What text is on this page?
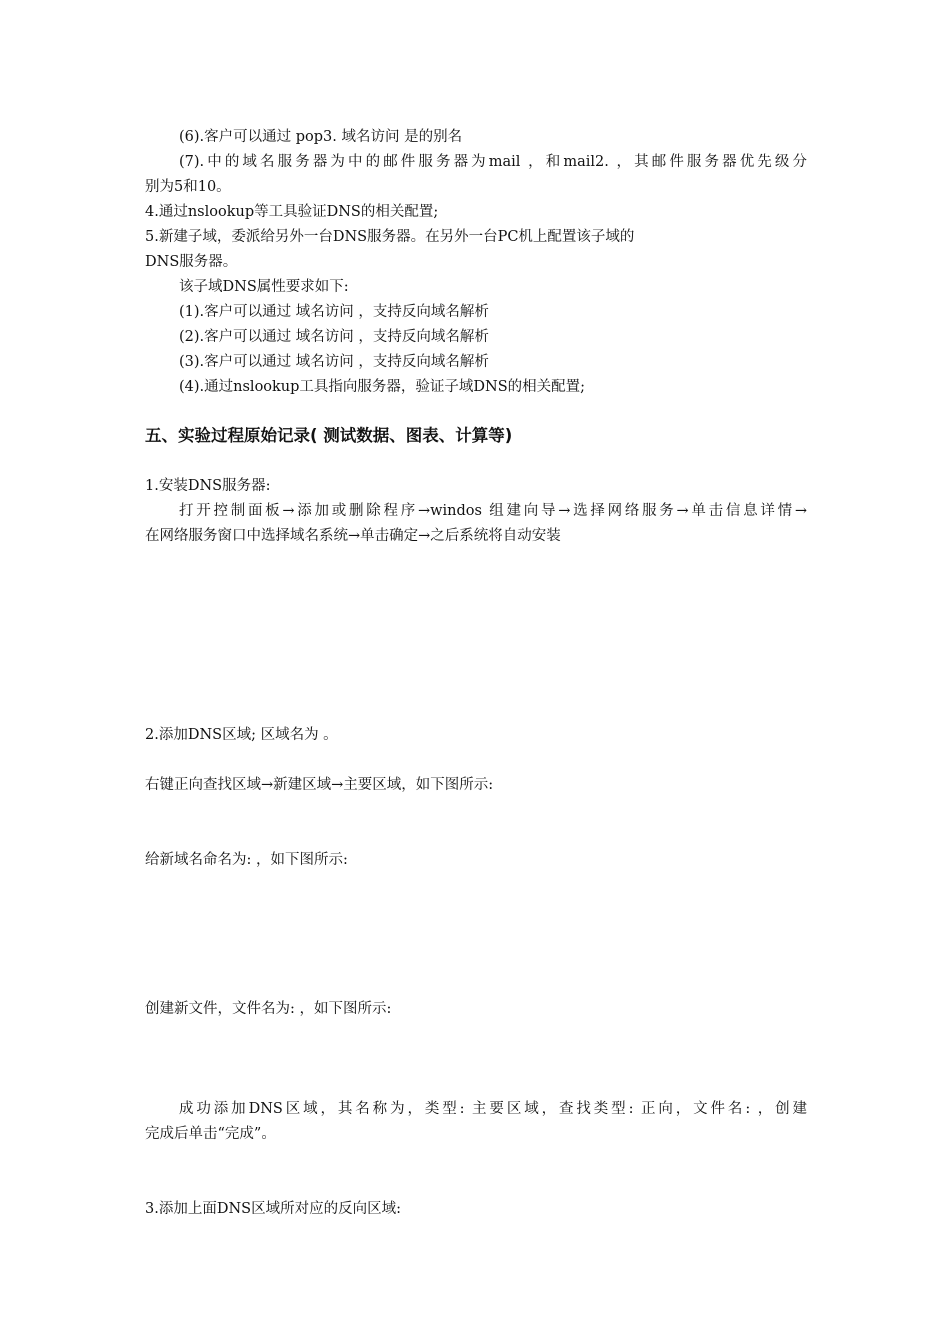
(6).客户可以通过 pop3. 域名访问 是的别名
(7).中的域名服务器为中的邮件服务器为mail ，和mail2. ，其邮件服务器优先级分
别为5和10。
4.通过nslookup等工具验证DNS的相关配置;
5.新建子域，委派给另外一台DNS服务器。在另外一台PC机上配置该子域的
DNS服务器。
该子域DNS属性要求如下:
(1).客户可以通过 域名访问 ，支持反向域名解析
(2).客户可以通过 域名访问 ，支持反向域名解析
(3).客户可以通过 域名访问 ，支持反向域名解析
(4).通过nslookup工具指向服务器，验证子域DNS的相关配置;
五、实验过程原始记录( 测试数据、图表、计算等)
1.安装DNS服务器:
打开控制面板→添加或删除程序→windos 组建向导→选择网络服务→单击信息详情→
在网络服务窗口中选择域名系统→单击确定→之后系统将自动安装
2.添加DNS区域; 区域名为 。
右键正向查找区域→新建区域→主要区域，如下图所示:
给新域名命名为: ，如下图所示:
创建新文件，文件名为: ，如下图所示:
成功添加DNS区域，其名称为，类型: 主要区域，查找类型: 正向，文件名: ，创建
完成后单击“完成”。
3.添加上面DNS区域所对应的反向区域:
